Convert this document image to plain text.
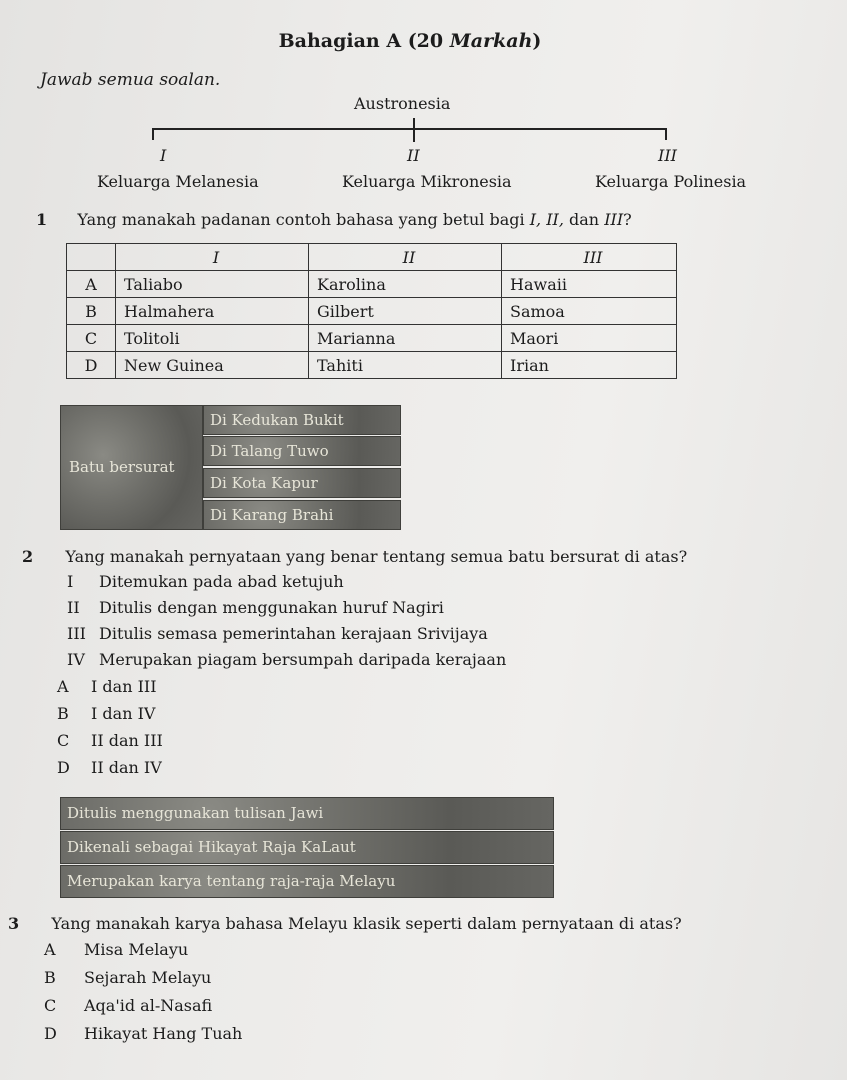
Bahagian A (20 Markah)
Jawab semua soalan.
Austronesia
I	II	III
Keluarga Melanesia	Keluarga Mikronesia	Keluarga Polinesia
1 Yang manakah padanan contoh bahasa yang betul bagi I, II, dan III?
	I	II	III
A	Taliabo	Karolina	Hawaii
B	Halmahera	Gilbert	Samoa
C	Tolitoli	Marianna	Maori
D	New Guinea	Tahiti	Irian
Batu bersurat
Di Kedukan Bukit
Di Talang Tuwo
Di Kota Kapur
Di Karang Brahi
2 Yang manakah pernyataan yang benar tentang semua batu bersurat di atas?
I Ditemukan pada abad ketujuh
II Ditulis dengan menggunakan huruf Nagiri
III Ditulis semasa pemerintahan kerajaan Srivijaya
IV Merupakan piagam bersumpah daripada kerajaan
A I dan III
B I dan IV
C II dan III
D II dan IV
Ditulis menggunakan tulisan Jawi
Dikenali sebagai Hikayat Raja KaLaut
Merupakan karya tentang raja-raja Melayu
3 Yang manakah karya bahasa Melayu klasik seperti dalam pernyataan di atas?
A Misa Melayu
B Sejarah Melayu
C Aqa'id al-Nasafi
D Hikayat Hang Tuah
